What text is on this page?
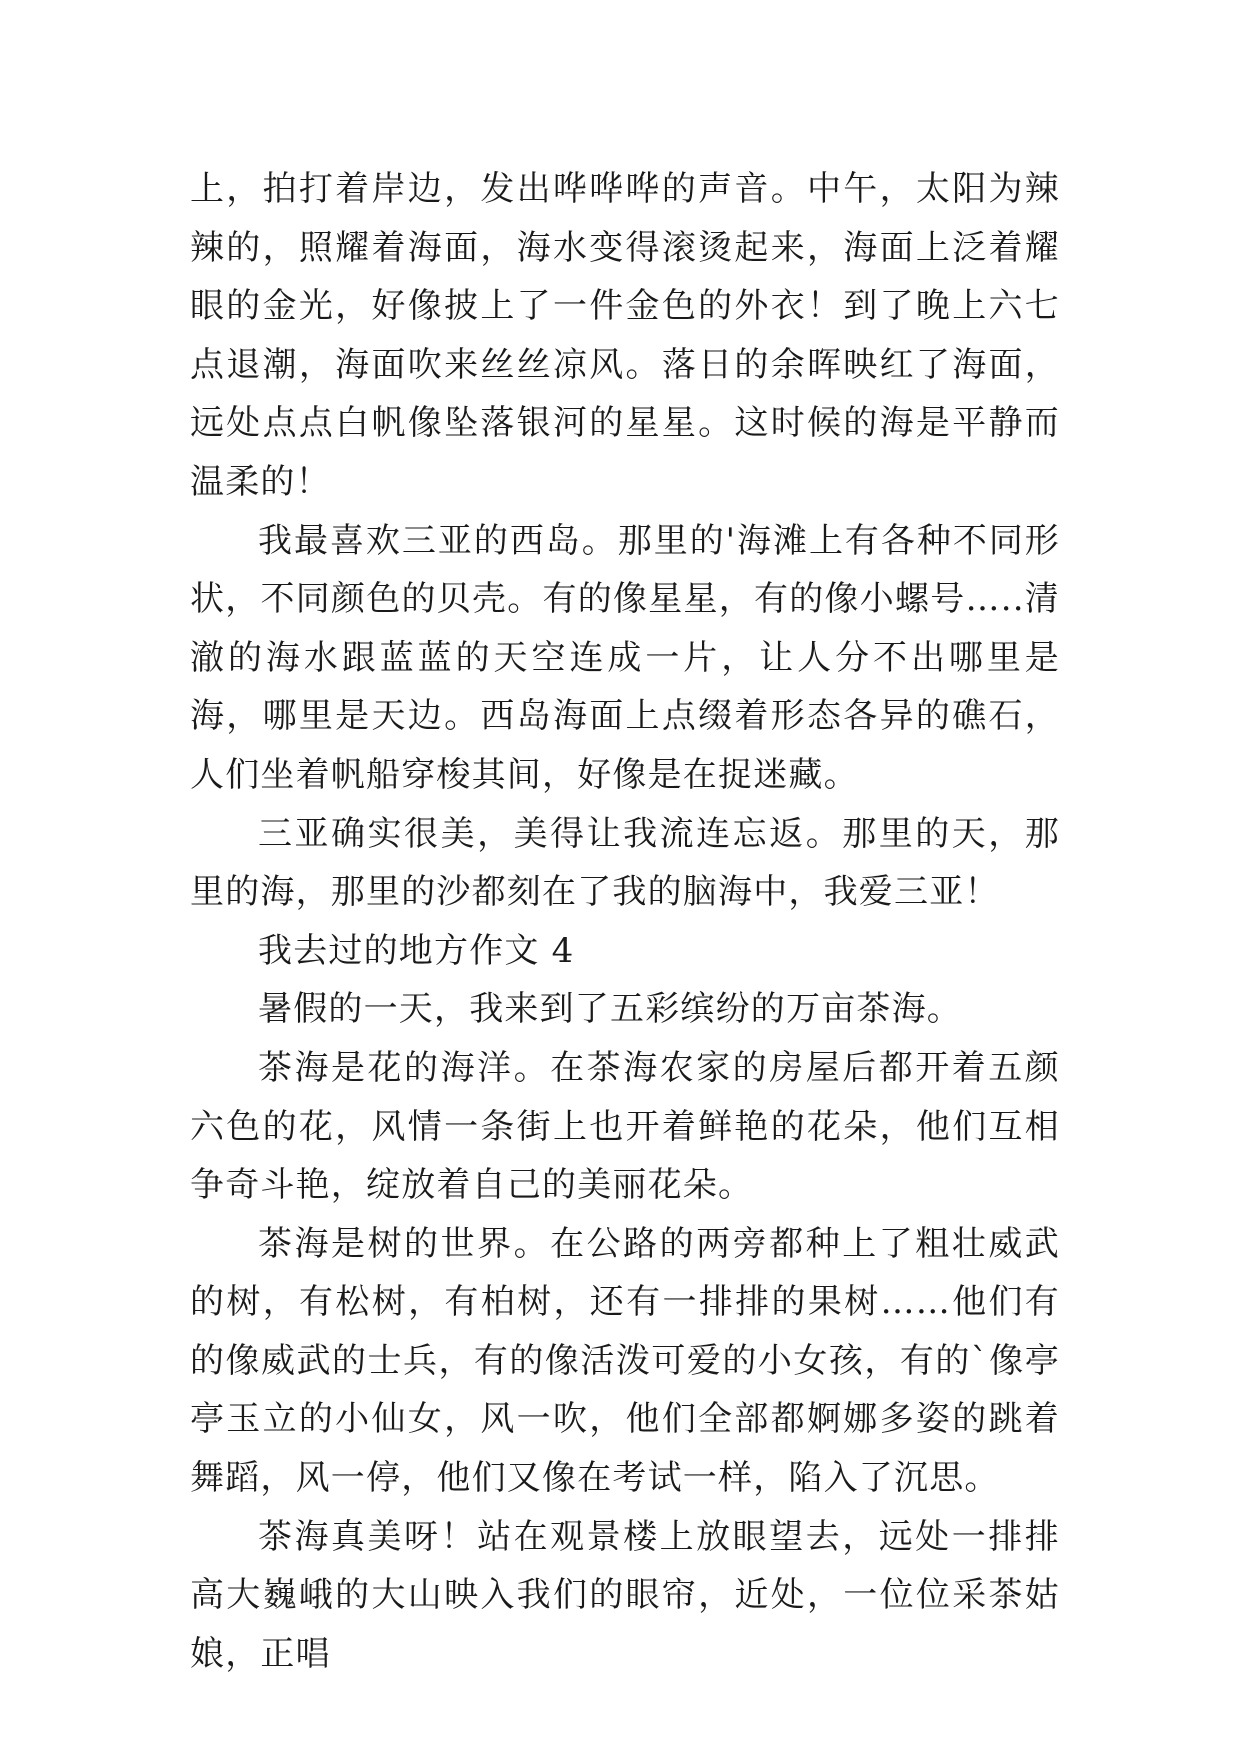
上，拍打着岸边，发出哗哗哗的声音。中午，太阳为辣辣的，照耀着海面，海水变得滚烫起来，海面上泛着耀眼的金光，好像披上了一件金色的外衣！到了晚上六七点退潮，海面吹来丝丝凉风。落日的余晖映红了海面，远处点点白帆像坠落银河的星星。这时候的海是平静而温柔的！

我最喜欢三亚的西岛。那里的'海滩上有各种不同形状，不同颜色的贝壳。有的像星星，有的像小螺号…..清澈的海水跟蓝蓝的天空连成一片，让人分不出哪里是海，哪里是天边。西岛海面上点缀着形态各异的礁石，人们坐着帆船穿梭其间，好像是在捉迷藏。

三亚确实很美，美得让我流连忘返。那里的天，那里的海，那里的沙都刻在了我的脑海中，我爱三亚！

我去过的地方作文 4

暑假的一天，我来到了五彩缤纷的万亩茶海。

茶海是花的海洋。在茶海农家的房屋后都开着五颜六色的花，风情一条街上也开着鲜艳的花朵，他们互相争奇斗艳，绽放着自己的美丽花朵。

茶海是树的世界。在公路的两旁都种上了粗壮威武的树，有松树，有柏树，还有一排排的果树……他们有的像威武的士兵，有的像活泼可爱的小女孩，有的`像亭亭玉立的小仙女，风一吹，他们全部都婀娜多姿的跳着舞蹈，风一停，他们又像在考试一样，陷入了沉思。

茶海真美呀！站在观景楼上放眼望去，远处一排排高大巍峨的大山映入我们的眼帘，近处，一位位采茶姑娘，正唱
